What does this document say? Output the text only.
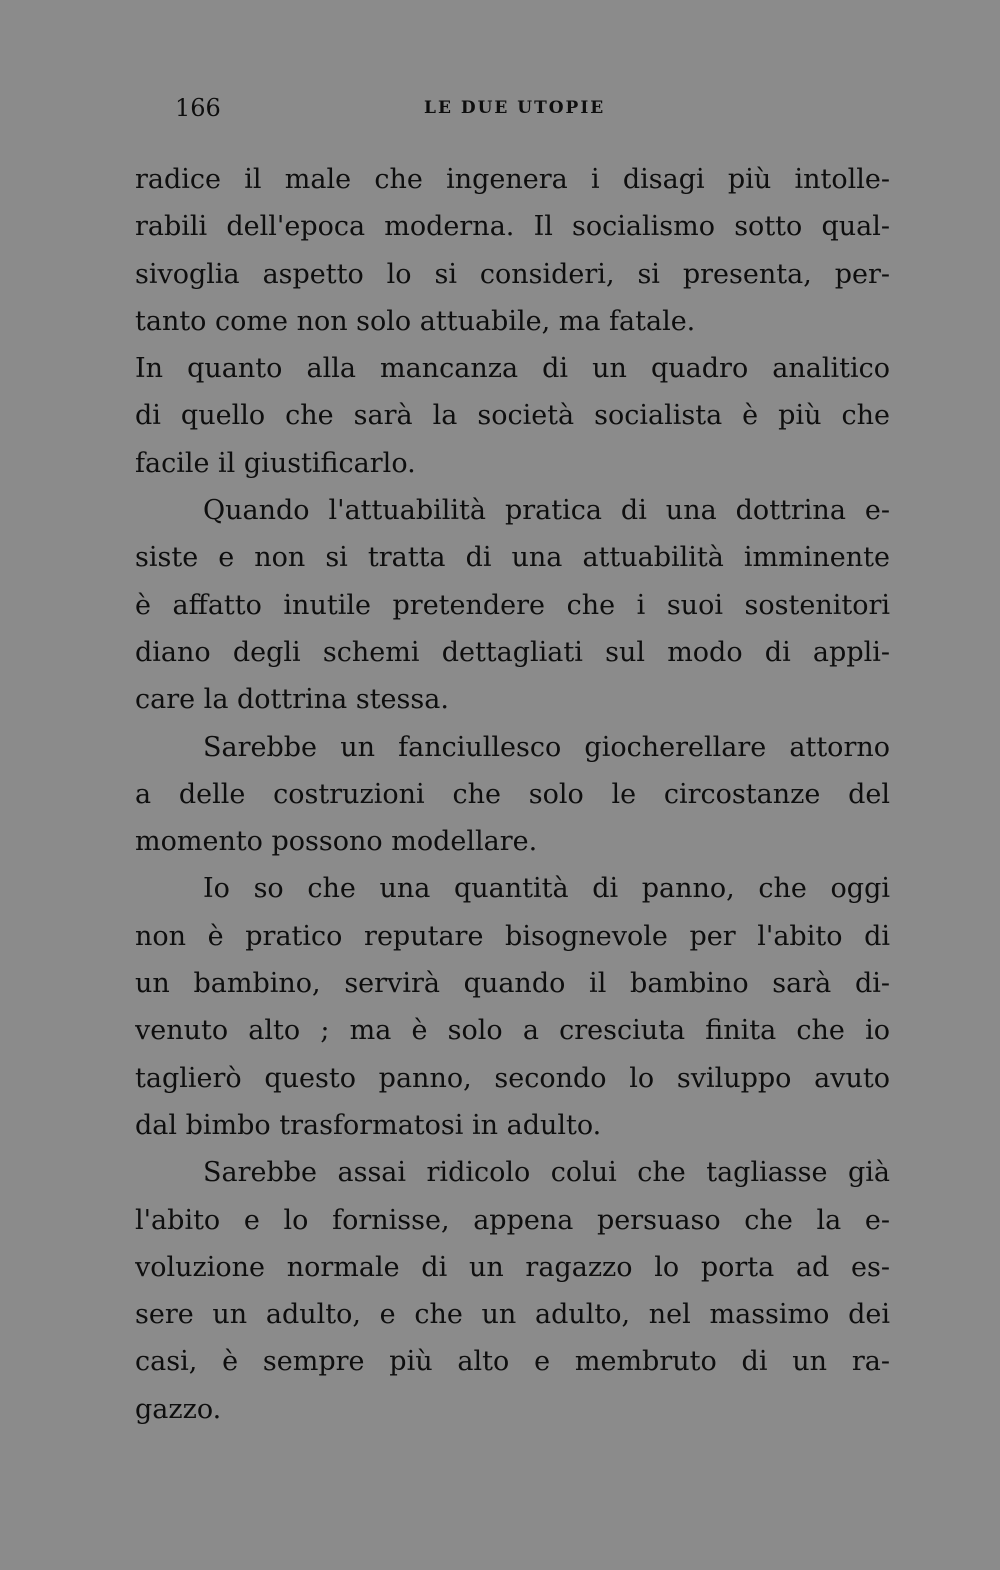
166	LE DUE UTOPIE
radice il male che ingenera i disagi più intolle-
rabili dell'epoca moderna. Il socialismo sotto qual-
sivoglia aspetto lo si consideri, si presenta, per-
tanto come non solo attuabile, ma fatale.
In quanto alla mancanza di un quadro analitico
di quello che sarà la società socialista è più che
facile il giustificarlo.
Quando l'attuabilità pratica di una dottrina e-
siste e non si tratta di una attuabilità imminente
è affatto inutile pretendere che i suoi sostenitori
diano degli schemi dettagliati sul modo di appli-
care la dottrina stessa.
Sarebbe un fanciullesco giocherellare attorno
a delle costruzioni che solo le circostanze del
momento possono modellare.
Io so che una quantità di panno, che oggi
non è pratico reputare bisognevole per l'abito di
un bambino, servirà quando il bambino sarà di-
venuto alto ; ma è solo a cresciuta finita che io
taglierò questo panno, secondo lo sviluppo avuto
dal bimbo trasformatosi in adulto.
Sarebbe assai ridicolo colui che tagliasse già
l'abito e lo fornisse, appena persuaso che la e-
voluzione normale di un ragazzo lo porta ad es-
sere un adulto, e che un adulto, nel massimo dei
casi, è sempre più alto e membruto di un ra-
gazzo.
